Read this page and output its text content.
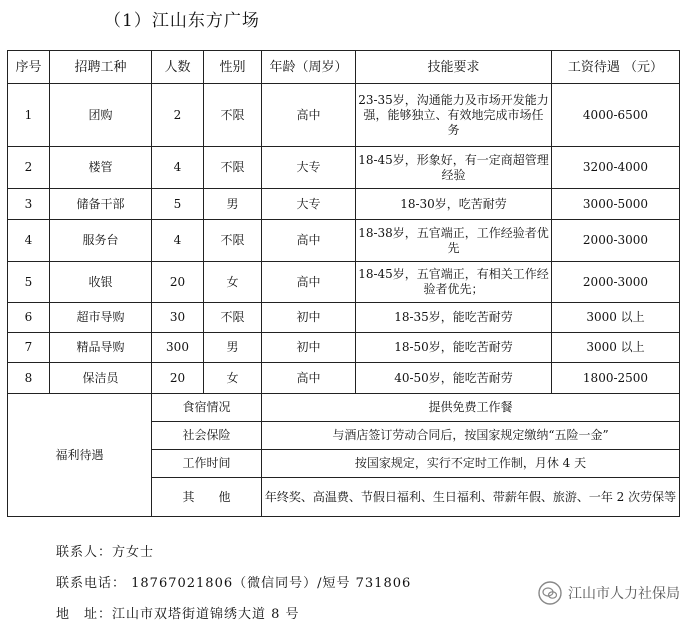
（1）江山东方广场
序号	招聘工种	人数	性别	年龄（周岁）	技能要求	工资待遇 （元）
1	团购	2	不限	高中	23-35岁，沟通能力及市场开发能力强，能够独立、有效地完成市场任务	4000-6500
2	楼管	4	不限	大专	18-45岁，形象好，有一定商超管理经验	3200-4000
3	储备干部	5	男	大专	18-30岁，吃苦耐劳	3000-5000
4	服务台	4	不限	高中	18-38岁，五官端正，工作经验者优先	2000-3000
5	收银	20	女	高中	18-45岁，五官端正，有相关工作经验者优先；	2000-3000
6	超市导购	30	不限	初中	18-35岁，能吃苦耐劳	3000 以上
7	精品导购	300	男	初中	18-50岁，能吃苦耐劳	3000 以上
8	保洁员	20	女	高中	40-50岁，能吃苦耐劳	1800-2500
福利待遇		食宿情况		提供免费工作餐		
		社会保险		与酒店签订劳动合同后，按国家规定缴纳“五险一金”		
		工作时间		按国家规定，实行不定时工作制，月休 4 天		
		其　　他		年终奖、高温费、节假日福利、生日福利、带薪年假、旅游、一年 2 次劳保等		
联系人：方女士
联系电话： 18767021806（微信同号）/短号 731806
地　址：江山市双塔街道锦绣大道 8 号
江山市人力社保局
